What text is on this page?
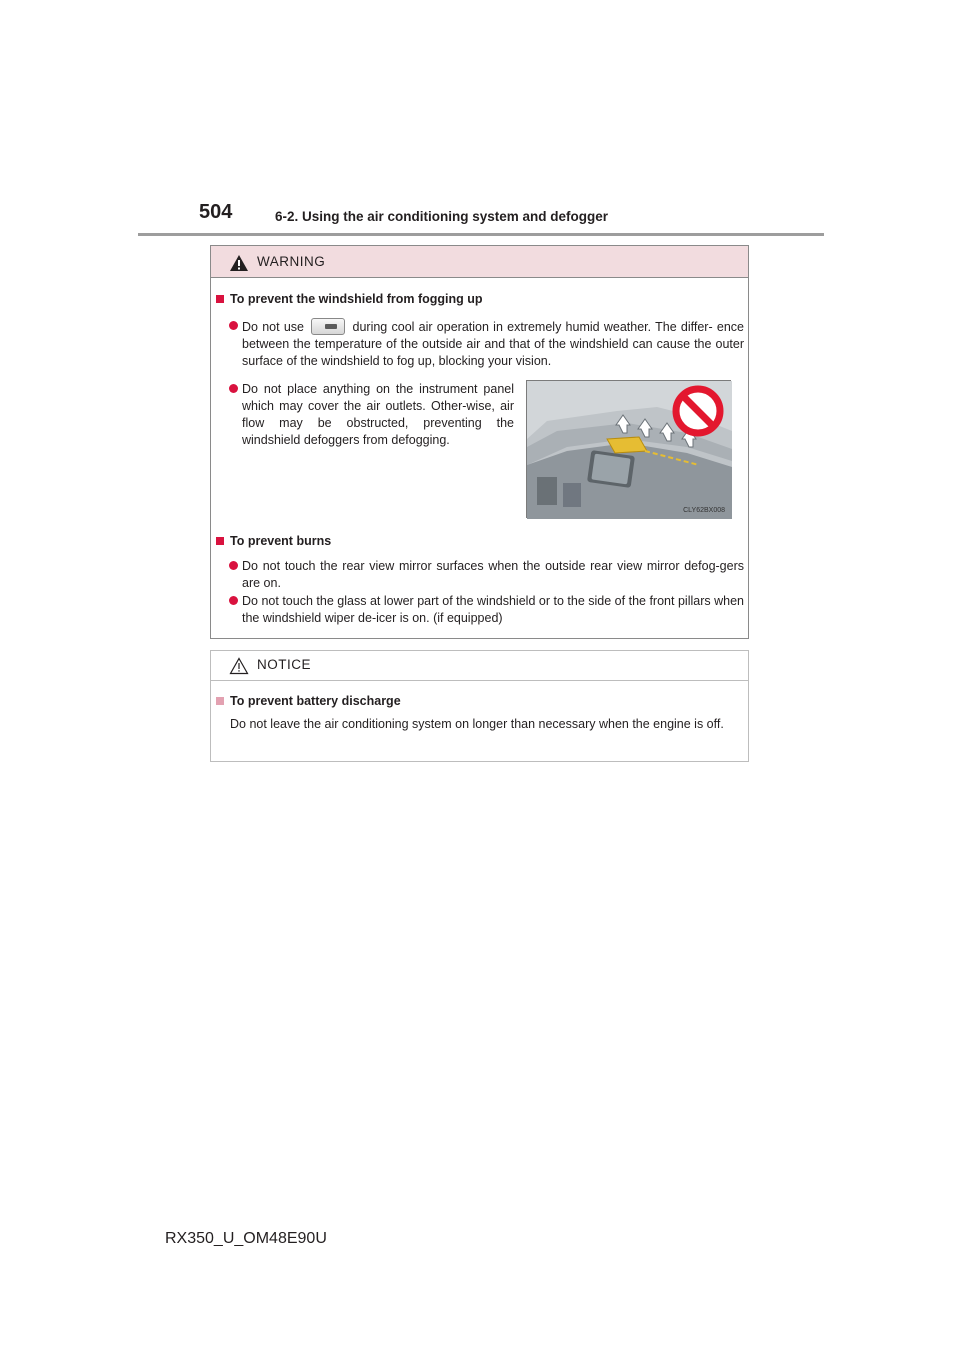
504	6-2. Using the air conditioning system and defogger
WARNING
To prevent the windshield from fogging up
Do not use	during cool air operation in extremely humid weather. The differ- ence between the temperature of the outside air and that of the windshield can cause the outer surface of the windshield to fog up, blocking your vision.
Do not place anything on the instrument panel which may cover the air outlets. Other-wise, air flow may be obstructed, preventing the windshield defoggers from defogging.
To prevent burns
Do not touch the rear view mirror surfaces when the outside rear view mirror defog-gers are on.
Do not touch the glass at lower part of the windshield or to the side of the front pillars when the windshield wiper de-icer is on. (if equipped)
CLY62BX008
NOTICE
To prevent battery discharge
Do not leave the air conditioning system on longer than necessary when the engine is off.
RX350_U_OM48E90U
